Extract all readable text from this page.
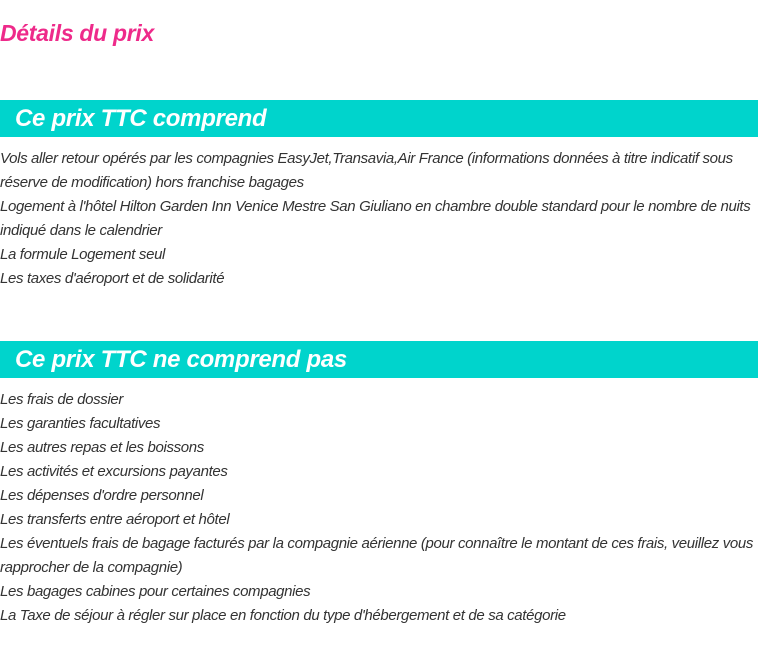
Détails du prix
Ce prix TTC comprend
Vols aller retour opérés par les compagnies EasyJet,Transavia,Air France (informations données à titre indicatif sous réserve de modification) hors franchise bagages
Logement à l'hôtel Hilton Garden Inn Venice Mestre San Giuliano en chambre double standard pour le nombre de nuits indiqué dans le calendrier
La formule Logement seul
Les taxes d'aéroport et de solidarité
Ce prix TTC ne comprend pas
Les frais de dossier
Les garanties facultatives
Les autres repas et les boissons
Les activités et excursions payantes
Les dépenses d'ordre personnel
Les transferts entre aéroport et hôtel
Les éventuels frais de bagage facturés par la compagnie aérienne (pour connaître le montant de ces frais, veuillez vous rapprocher de la compagnie)
Les bagages cabines pour certaines compagnies
La Taxe de séjour à régler sur place en fonction du type d'hébergement et de sa catégorie
